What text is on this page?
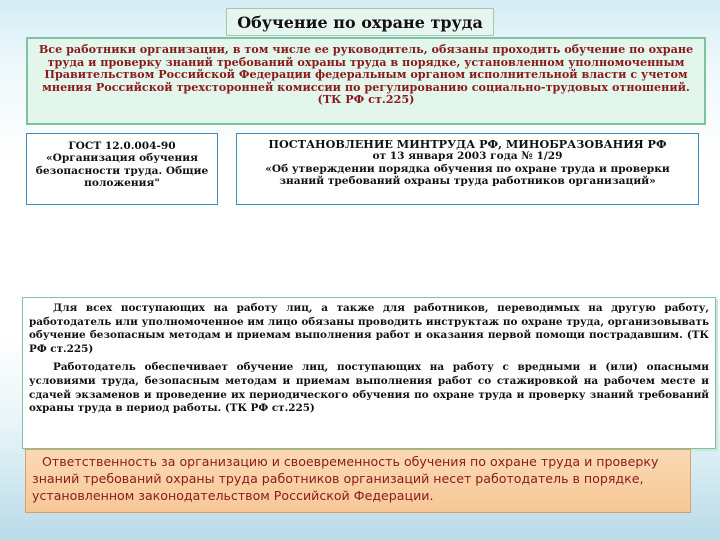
Обучение по охране труда
Все работники организации, в том числе ее руководитель, обязаны проходить обучение по охране труда и проверку знаний требований охраны труда в порядке, установленном уполномоченным Правительством Российской Федерации федеральным органом исполнительной власти с учетом мнения Российской трехсторонней комиссии по регулированию социально-трудовых отношений.(ТК РФ ст.225)
ГОСТ 12.0.004-90
«Организация обучения безопасности труда. Общие положения"
ПОСТАНОВЛЕНИЕ МИНТРУДА РФ, МИНОБРАЗОВАНИЯ РФ
от 13 января 2003 года № 1/29
«Об утверждении порядка обучения по охране труда и проверки знаний требований охраны труда работников организаций»

Для всех поступающих на работу лиц, а также для работников, переводимых на другую работу, работодатель или уполномоченное им лицо обязаны проводить инструктаж по охране труда, организовывать обучение безопасным методам и приемам выполнения работ и оказания первой помощи пострадавшим. (ТК РФ ст.225)

Работодатель обеспечивает обучение лиц, поступающих на работу с вредными и (или) опасными условиями труда, безопасным методам и приемам выполнения работ со стажировкой на рабочем месте и сдачей экзаменов и проведение их периодического обучения по охране труда и проверку знаний требований охраны труда в период работы. (ТК РФ ст.225)

Ответственность за организацию и своевременность обучения по охране труда и проверку знаний требований охраны труда работников организаций несет работодатель в порядке, установленном законодательством Российской Федерации.
